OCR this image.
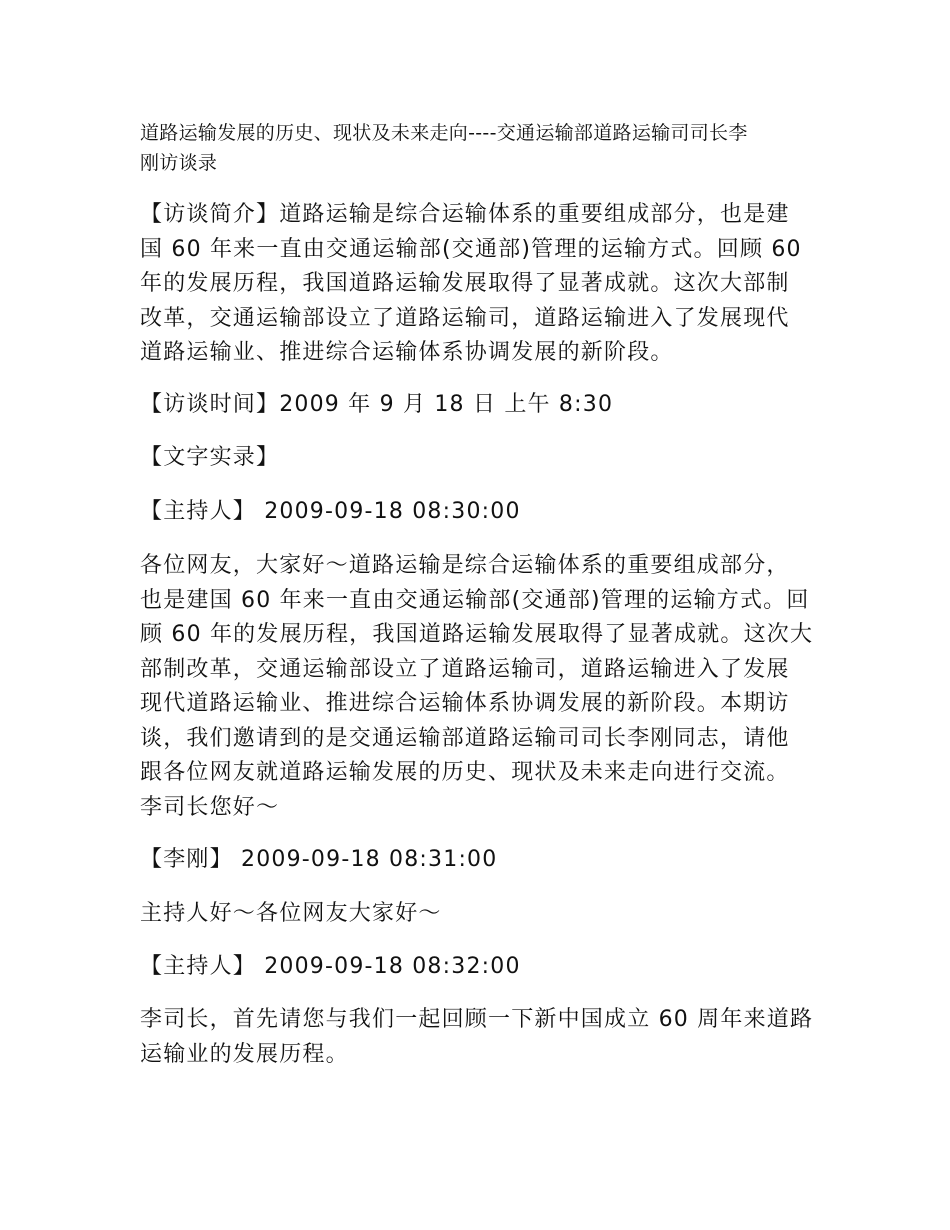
道路运输发展的历史、现状及未来走向----交通运输部道路运输司司长李
刚访谈录
【访谈简介】道路运输是综合运输体系的重要组成部分，也是建
国 60 年来一直由交通运输部(交通部)管理的运输方式。回顾 60
年的发展历程，我国道路运输发展取得了显著成就。这次大部制
改革，交通运输部设立了道路运输司，道路运输进入了发展现代
道路运输业、推进综合运输体系协调发展的新阶段。
【访谈时间】2009 年 9 月 18 日 上午 8:30
【文字实录】
【主持人】 2009-09-18 08:30:00
各位网友，大家好～道路运输是综合运输体系的重要组成部分，
也是建国 60 年来一直由交通运输部(交通部)管理的运输方式。回
顾 60 年的发展历程，我国道路运输发展取得了显著成就。这次大
部制改革，交通运输部设立了道路运输司，道路运输进入了发展
现代道路运输业、推进综合运输体系协调发展的新阶段。本期访
谈，我们邀请到的是交通运输部道路运输司司长李刚同志，请他
跟各位网友就道路运输发展的历史、现状及未来走向进行交流。
李司长您好～
【李刚】 2009-09-18 08:31:00
主持人好～各位网友大家好～
【主持人】 2009-09-18 08:32:00
李司长，首先请您与我们一起回顾一下新中国成立 60 周年来道路
运输业的发展历程。
